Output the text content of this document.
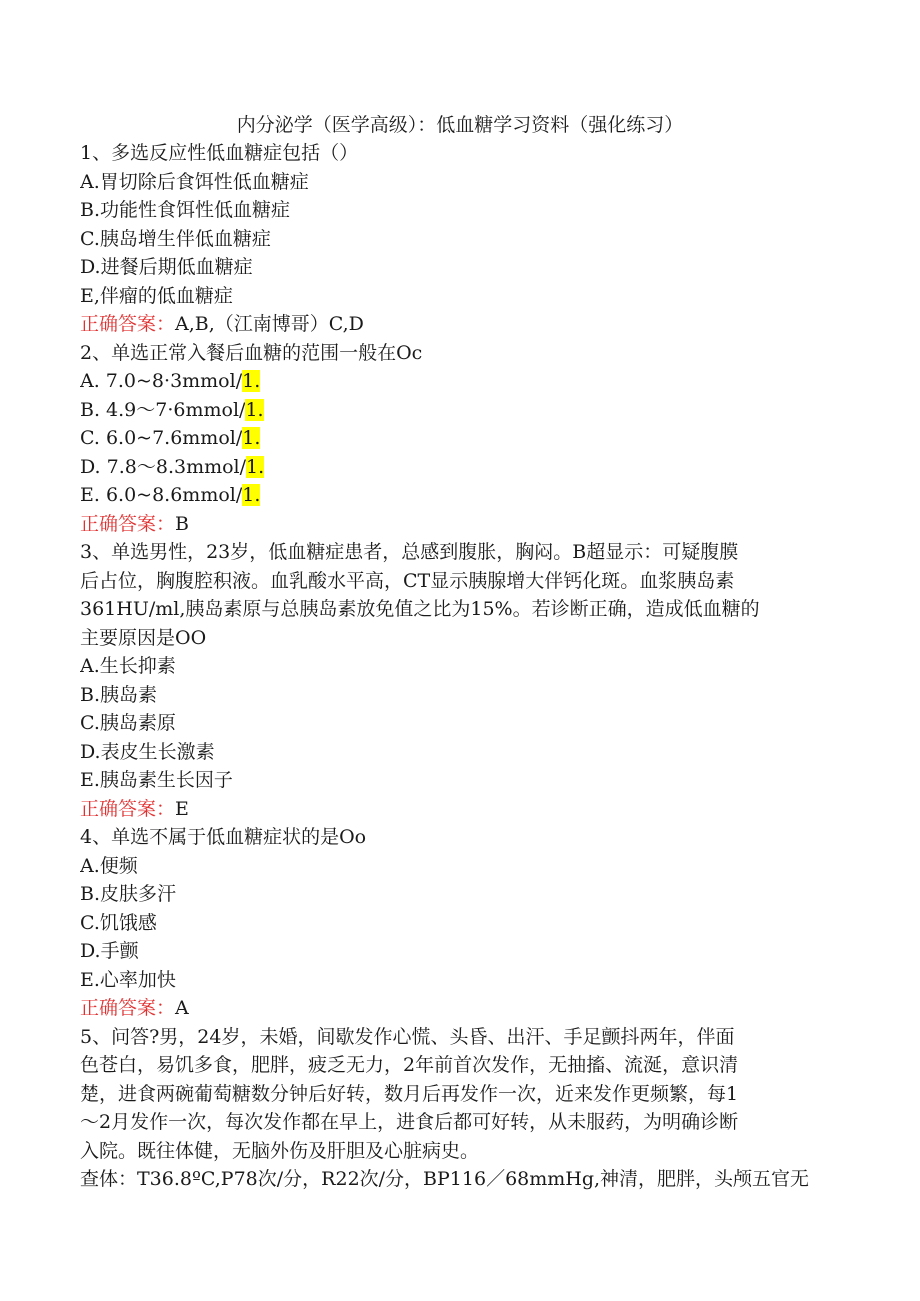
内分泌学（医学高级）：低血糖学习资料（强化练习）
1、多选反应性低血糖症包括（）
A.胃切除后食饵性低血糖症
B.功能性食饵性低血糖症
C.胰岛增生伴低血糖症
D.进餐后期低血糖症
E,伴瘤的低血糖症
正确答案：A,B,（江南博哥）C,D
2、单选正常入餐后血糖的范围一般在Oc
A. 7.0~8·3mmol/1.
B. 4.9～7·6mmol/1.
C. 6.0~7.6mmol/1.
D. 7.8～8.3mmol/1.
E. 6.0~8.6mmol/1.
正确答案：B
3、单选男性，23岁，低血糖症患者，总感到腹胀，胸闷。B超显示：可疑腹膜
后占位，胸腹腔积液。血乳酸水平高，CT显示胰腺增大伴钙化斑。血浆胰岛素
361HU/ml,胰岛素原与总胰岛素放免值之比为15%。若诊断正确，造成低血糖的
主要原因是OO
A.生长抑素
B.胰岛素
C.胰岛素原
D.表皮生长激素
E.胰岛素生长因子
正确答案：E
4、单选不属于低血糖症状的是Oo
A.便频
B.皮肤多汗
C.饥饿感
D.手颤
E.心率加快
正确答案：A
5、问答?男，24岁，未婚，间歇发作心慌、头昏、出汗、手足颤抖两年，伴面
色苍白，易饥多食，肥胖，疲乏无力，2年前首次发作，无抽搐、流涎，意识清
楚，进食两碗葡萄糖数分钟后好转，数月后再发作一次，近来发作更频繁，每1
～2月发作一次，每次发作都在早上，进食后都可好转，从未服药，为明确诊断
入院。既往体健，无脑外伤及肝胆及心脏病史。
查体：T36.8ºC,P78次/分，R22次/分，BP116／68mmHg,神清，肥胖，头颅五官无
